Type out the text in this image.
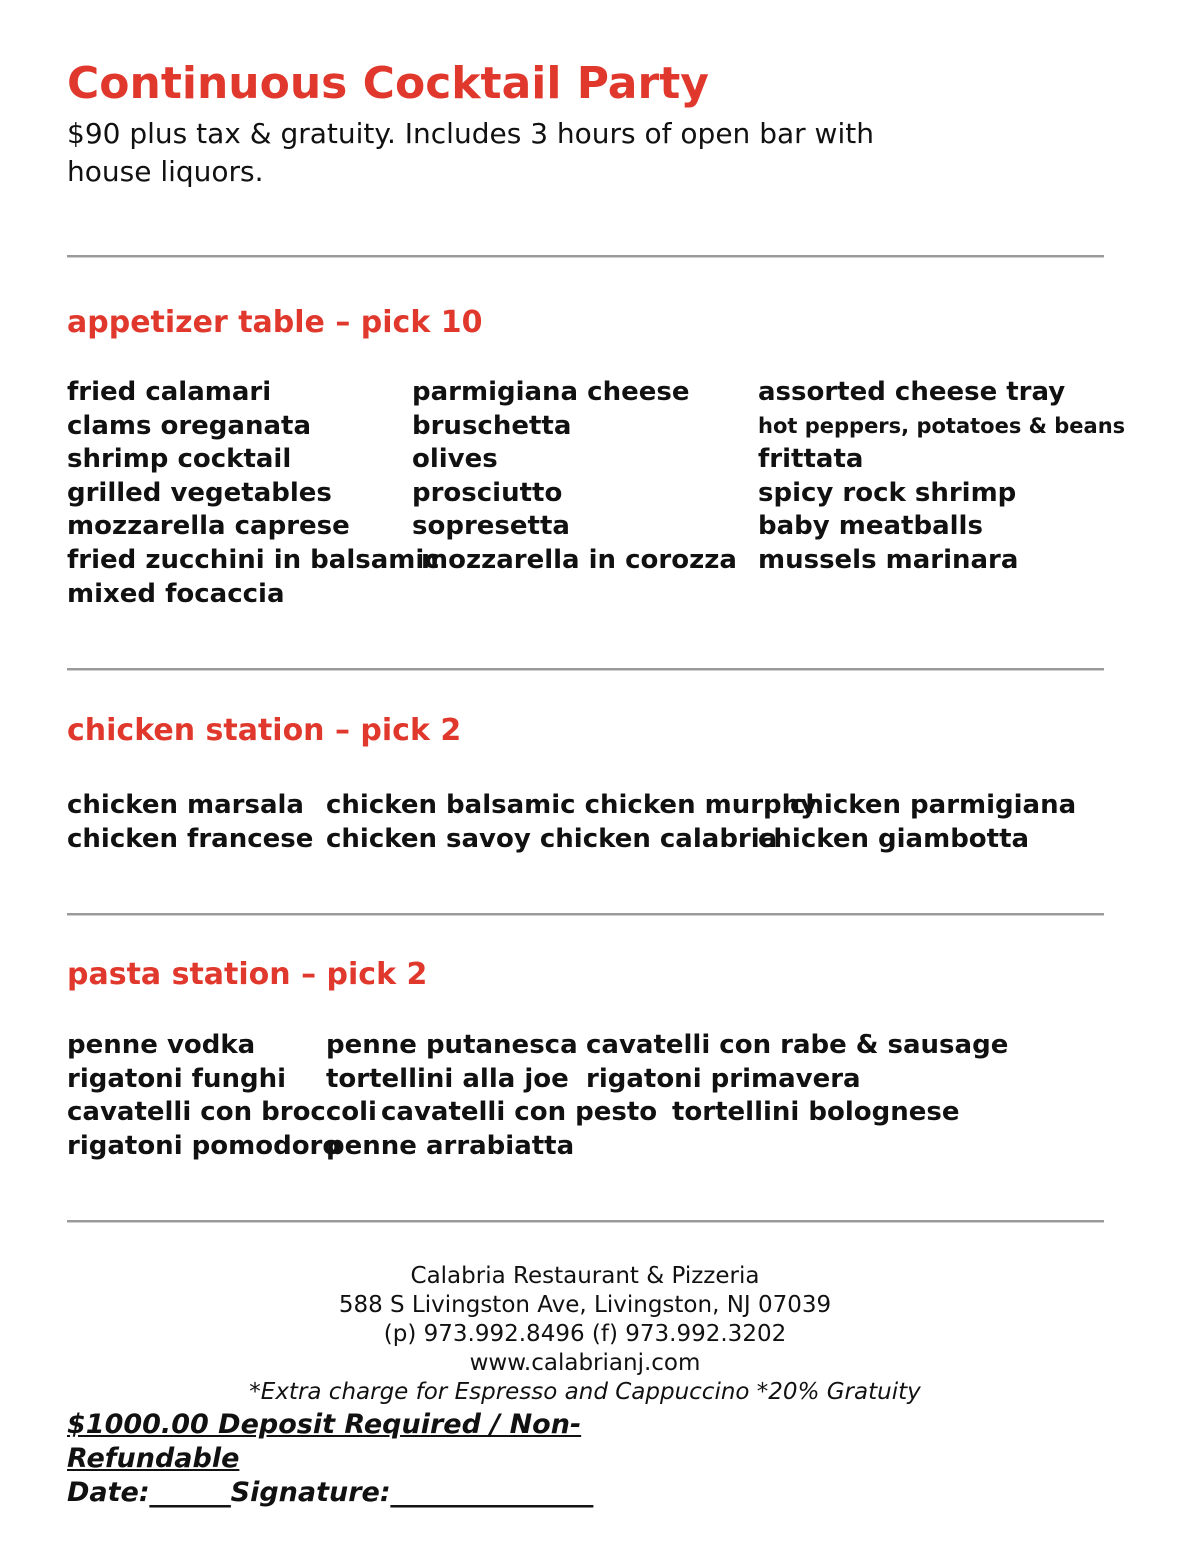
Continuous Cocktail Party
$90 plus tax & gratuity. Includes 3 hours of open bar with house liquors.
appetizer table – pick 10
fried calamari
clams oreganata
shrimp cocktail
grilled vegetables
mozzarella caprese
fried zucchini in balsamic
mixed focaccia
parmigiana cheese
bruschetta
olives
prosciutto
sopresetta
mozzarella in corozza
assorted cheese tray
hot peppers, potatoes & beans
frittata
spicy rock shrimp
baby meatballs
mussels marinara
chicken station – pick 2
chicken marsala
chicken francese
chicken balsamic chicken murphy
chicken savoy chicken calabria
chicken parmigiana
chicken giambotta
pasta station – pick 2
penne vodka	penne putanesca cavatelli con rabe & sausage
rigatoni funghi tortellini alla joe rigatoni primavera
cavatelli con broccoli cavatelli con pesto tortellini bolognese
rigatoni pomodoro
penne arrabiatta
Calabria Restaurant & Pizzeria
588 S Livingston Ave, Livingston, NJ 07039
(p) 973.992.8496 (f) 973.992.3202
www.calabrianj.com
*Extra charge for Espresso and Cappuccino *20% Gratuity
$1000.00 Deposit Required / Non-
Refundable
Date:______Signature:_______________
